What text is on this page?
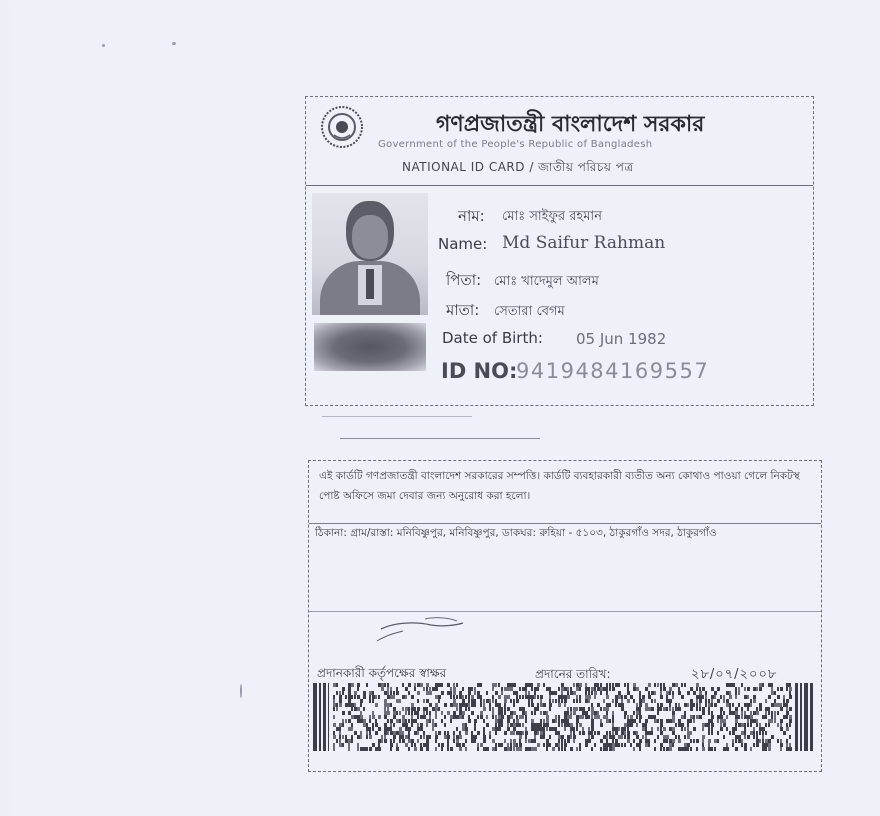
গণপ্রজাতন্ত্রী বাংলাদেশ সরকার
Government of the People's Republic of Bangladesh
NATIONAL ID CARD / জাতীয় পরিচয় পত্র
নাম: মোঃ সাইফুর রহমান
Name: Md Saifur Rahman
পিতা: মোঃ খাদেমুল আলম
মাতা: সেতারা বেগম
Date of Birth: 05 Jun 1982
ID NO:
9419484169557
এই কার্ডটি গণপ্রজাতন্ত্রী বাংলাদেশ সরকারের সম্পত্তি। কার্ডটি ব্যবহারকারী ব্যতীত অন্য কোথাও পাওয়া গেলে নিকটস্থ পোষ্ট অফিসে জমা দেবার জন্য অনুরোধ করা হলো।
ঠিকানা: গ্রাম/রাস্তা: মনিবিষ্ণুপুর, মনিবিষ্ণুপুর, ডাকঘর: রুহিয়া - ৫১০৩, ঠাকুরগাঁও সদর, ঠাকুরগাঁও
প্রদানকারী কর্তৃপক্ষের স্বাক্ষর	প্রদানের তারিখ:	২৮/০৭/২০০৮
